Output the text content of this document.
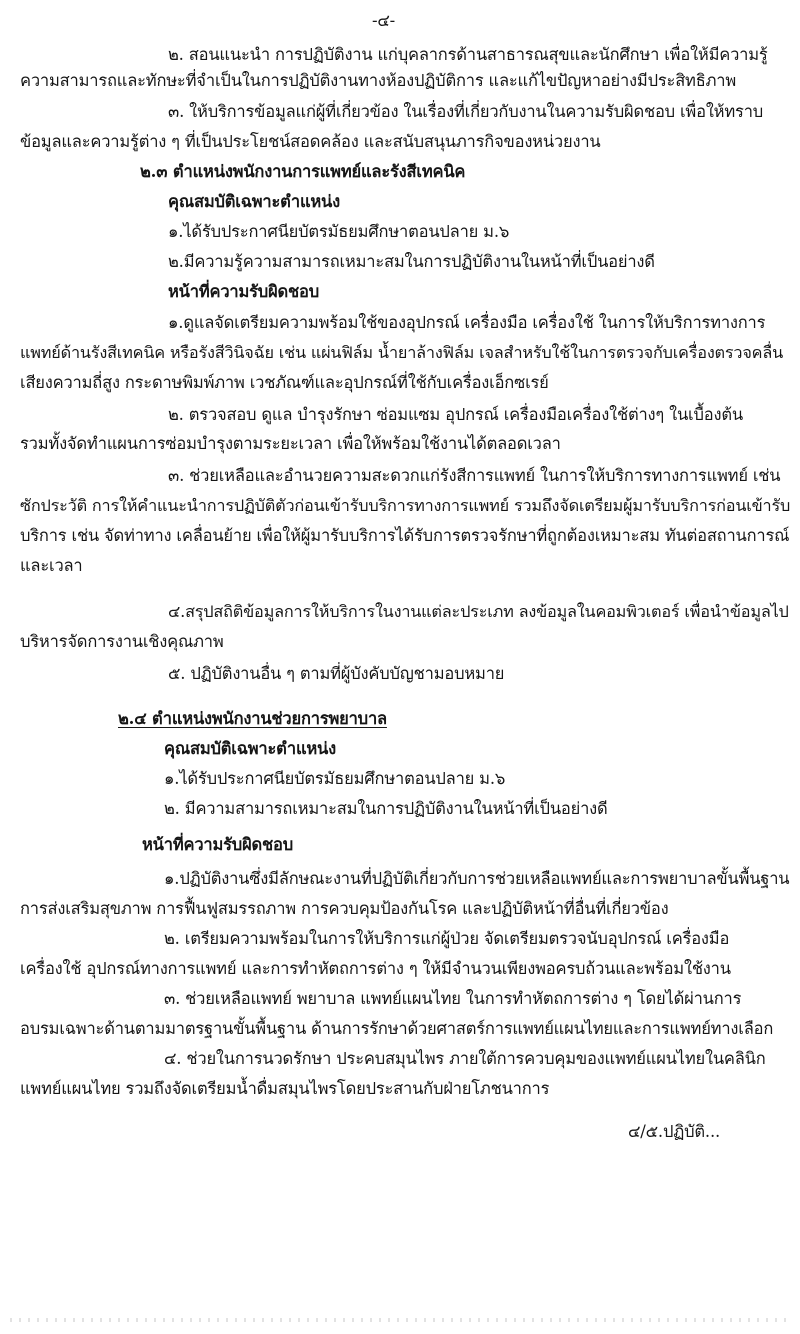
-๔-
๒. สอนแนะนำ การปฏิบัติงาน แก่บุคลากรด้านสาธารณสุขและนักศึกษา เพื่อให้มีความรู้
ความสามารถและทักษะที่จำเป็นในการปฏิบัติงานทางห้องปฏิบัติการ และแก้ไขปัญหาอย่างมีประสิทธิภาพ
๓. ให้บริการข้อมูลแก่ผู้ที่เกี่ยวข้อง ในเรื่องที่เกี่ยวกับงานในความรับผิดชอบ เพื่อให้ทราบ
ข้อมูลและความรู้ต่าง ๆ ที่เป็นประโยชน์สอดคล้อง และสนับสนุนภารกิจของหน่วยงาน
๒.๓ ตำแหน่งพนักงานการแพทย์และรังสีเทคนิค
คุณสมบัติเฉพาะตำแหน่ง
๑.ได้รับประกาศนียบัตรมัธยมศึกษาตอนปลาย ม.๖
๒.มีความรู้ความสามารถเหมาะสมในการปฏิบัติงานในหน้าที่เป็นอย่างดี
หน้าที่ความรับผิดชอบ
๑.ดูแลจัดเตรียมความพร้อมใช้ของอุปกรณ์ เครื่องมือ เครื่องใช้ ในการให้บริการทางการ
แพทย์ด้านรังสีเทคนิค หรือรังสีวินิจฉัย เช่น แผ่นฟิล์ม น้ำยาล้างฟิล์ม เจลสำหรับใช้ในการตรวจกับเครื่องตรวจคลื่น
เสียงความถี่สูง กระดาษพิมพ์ภาพ เวชภัณฑ์และอุปกรณ์ที่ใช้กับเครื่องเอ็กซเรย์
๒. ตรวจสอบ ดูแล บำรุงรักษา ซ่อมแซม อุปกรณ์ เครื่องมือเครื่องใช้ต่างๆ ในเบื้องต้น
รวมทั้งจัดทำแผนการซ่อมบำรุงตามระยะเวลา เพื่อให้พร้อมใช้งานได้ตลอดเวลา
๓. ช่วยเหลือและอำนวยความสะดวกแก่รังสีการแพทย์ ในการให้บริการทางการแพทย์ เช่น
ซักประวัติ การให้คำแนะนำการปฏิบัติตัวก่อนเข้ารับบริการทางการแพทย์ รวมถึงจัดเตรียมผู้มารับบริการก่อนเข้ารับ
บริการ เช่น จัดท่าทาง เคลื่อนย้าย เพื่อให้ผู้มารับบริการได้รับการตรวจรักษาที่ถูกต้องเหมาะสม ทันต่อสถานการณ์
และเวลา
๔.สรุปสถิติข้อมูลการให้บริการในงานแต่ละประเภท ลงข้อมูลในคอมพิวเตอร์ เพื่อนำข้อมูลไป
บริหารจัดการงานเชิงคุณภาพ
๕. ปฏิบัติงานอื่น ๆ ตามที่ผู้บังคับบัญชามอบหมาย
๒.๔ ตำแหน่งพนักงานช่วยการพยาบาล
คุณสมบัติเฉพาะตำแหน่ง
๑.ได้รับประกาศนียบัตรมัธยมศึกษาตอนปลาย ม.๖
๒. มีความสามารถเหมาะสมในการปฏิบัติงานในหน้าที่เป็นอย่างดี
หน้าที่ความรับผิดชอบ
๑.ปฏิบัติงานซึ่งมีลักษณะงานที่ปฏิบัติเกี่ยวกับการช่วยเหลือแพทย์และการพยาบาลขั้นพื้นฐาน
การส่งเสริมสุขภาพ การฟื้นฟูสมรรถภาพ การควบคุมป้องกันโรค และปฏิบัติหน้าที่อื่นที่เกี่ยวข้อง
๒. เตรียมความพร้อมในการให้บริการแก่ผู้ป่วย จัดเตรียมตรวจนับอุปกรณ์ เครื่องมือ
เครื่องใช้ อุปกรณ์ทางการแพทย์ และการทำหัตถการต่าง ๆ ให้มีจำนวนเพียงพอครบถ้วนและพร้อมใช้งาน
๓. ช่วยเหลือแพทย์ พยาบาล แพทย์แผนไทย ในการทำหัตถการต่าง ๆ โดยได้ผ่านการ
อบรมเฉพาะด้านตามมาตรฐานขั้นพื้นฐาน ด้านการรักษาด้วยศาสตร์การแพทย์แผนไทยและการแพทย์ทางเลือก
๔. ช่วยในการนวดรักษา ประคบสมุนไพร ภายใต้การควบคุมของแพทย์แผนไทยในคลินิก
แพทย์แผนไทย รวมถึงจัดเตรียมน้ำดื่มสมุนไพรโดยประสานกับฝ่ายโภชนาการ
๔/๕.ปฏิบัติ...
